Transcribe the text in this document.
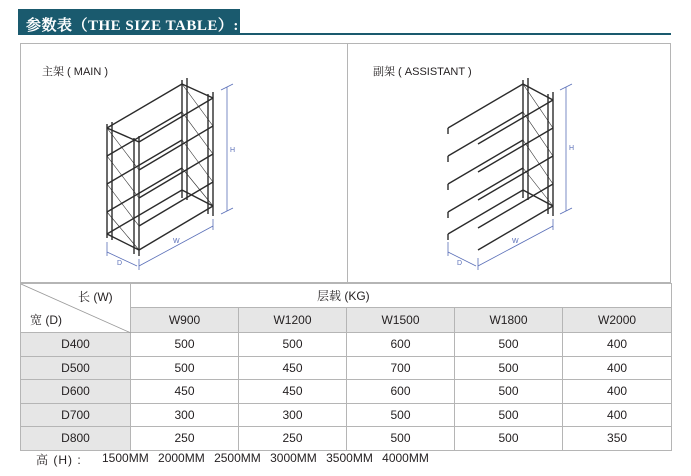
参数表（THE SIZE TABLE）:
主架 ( MAIN )
H
W
D
副架 ( ASSISTANT )
H
W
D
长 (W)
宽 (D)	层载 (KG)				
	W900	W1200	W1500	W1800	W2000
D400	500	500	600	500	400
D500	500	450	700	500	400
D600	450	450	600	500	400
D700	300	300	500	500	400
D800	250	250	500	500	350
高 (H) : 1500MM 2000MM 2500MM 3000MM 3500MM 4000MM
